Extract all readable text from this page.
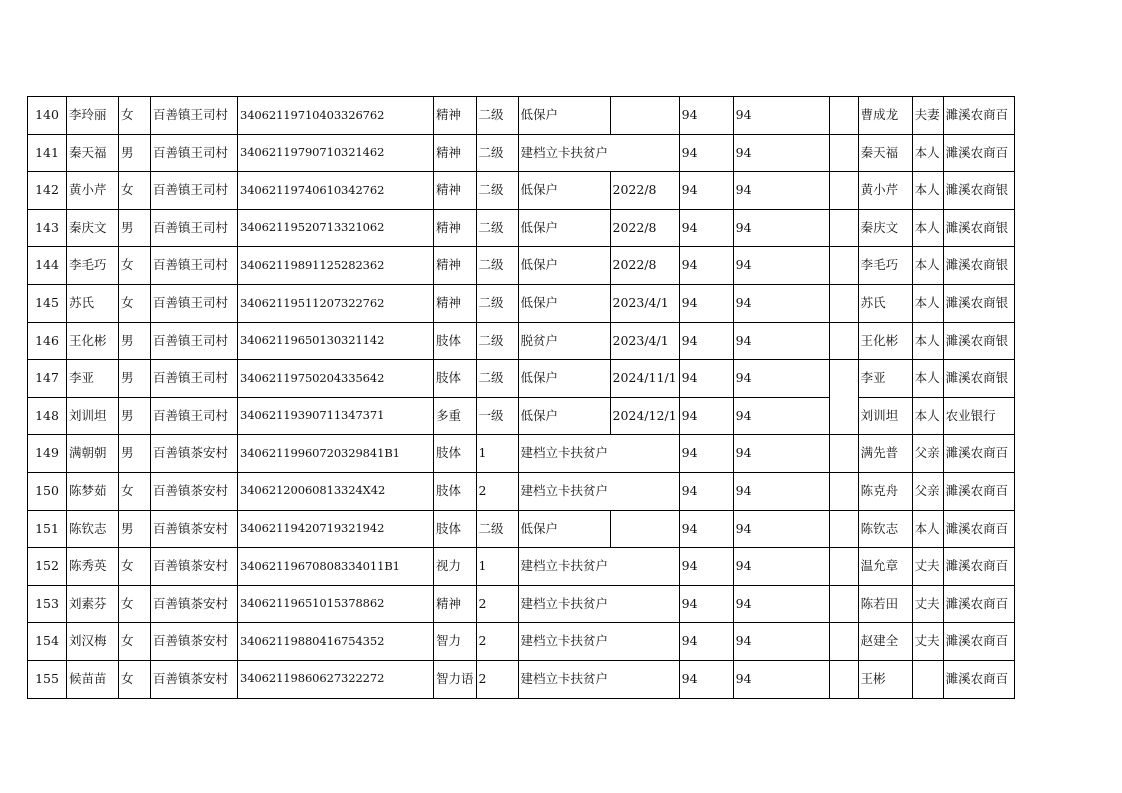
140	李玲丽	女	百善镇王司村	34062119710403326762	精神	二级	低保户		94	94		曹成龙	夫妻	濉溪农商百
141	秦天福	男	百善镇王司村	34062119790710321462	精神	二级	建档立卡扶贫户		94	94		秦天福	本人	濉溪农商百
142	黄小芹	女	百善镇王司村	34062119740610342762	精神	二级	低保户	2022/8	94	94		黄小芹	本人	濉溪农商银
143	秦庆文	男	百善镇王司村	34062119520713321062	精神	二级	低保户	2022/8	94	94		秦庆文	本人	濉溪农商银
144	李毛巧	女	百善镇王司村	34062119891125282362	精神	二级	低保户	2022/8	94	94		李毛巧	本人	濉溪农商银
145	苏氏	女	百善镇王司村	34062119511207322762	精神	二级	低保户	2023/4/1	94	94		苏氏	本人	濉溪农商银
146	王化彬	男	百善镇王司村	34062119650130321142	肢体	二级	脱贫户	2023/4/1	94	94		王化彬	本人	濉溪农商银
147	李亚	男	百善镇王司村	34062119750204335642	肢体	二级	低保户	2024/11/1	94	94		李亚	本人	濉溪农商银
148	刘训坦	男	百善镇王司村	34062119390711347371	多重	一级	低保户	2024/12/1	94	94		刘训坦	本人	农业银行
149	满朝朝	男	百善镇茶安村	34062119960720329841B1	肢体	1	建档立卡扶贫户		94	94		满先普	父亲	濉溪农商百
150	陈梦茹	女	百善镇茶安村	34062120060813324X42	肢体	2	建档立卡扶贫户		94	94		陈克舟	父亲	濉溪农商百
151	陈钦志	男	百善镇茶安村	34062119420719321942	肢体	二级	低保户		94	94		陈钦志	本人	濉溪农商百
152	陈秀英	女	百善镇茶安村	34062119670808334011B1	视力	1	建档立卡扶贫户		94	94		温允章	丈夫	濉溪农商百
153	刘素芬	女	百善镇茶安村	34062119651015378862	精神	2	建档立卡扶贫户		94	94		陈若田	丈夫	濉溪农商百
154	刘汉梅	女	百善镇茶安村	34062119880416754352	智力	2	建档立卡扶贫户		94	94		赵建全	丈夫	濉溪农商百
155	候苗苗	女	百善镇茶安村	34062119860627322272	智力语	2	建档立卡扶贫户		94	94		王彬		濉溪农商百
